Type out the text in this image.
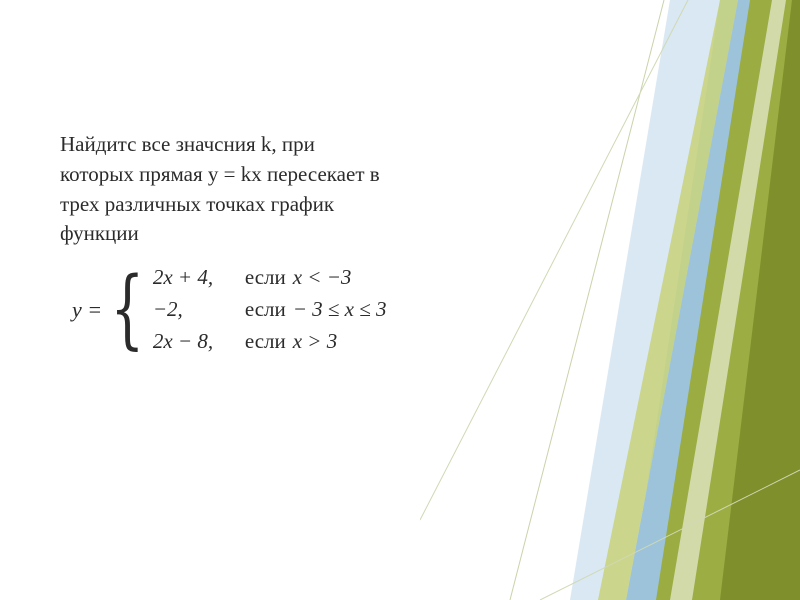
Найдитс все значсния k, при
которых прямая y = kx пересекает в
трех различных точках график
функции
y = { 2x + 4,	если x < −3
−2,	если − 3 ≤ x ≤ 3
2x − 8,	если x > 3
